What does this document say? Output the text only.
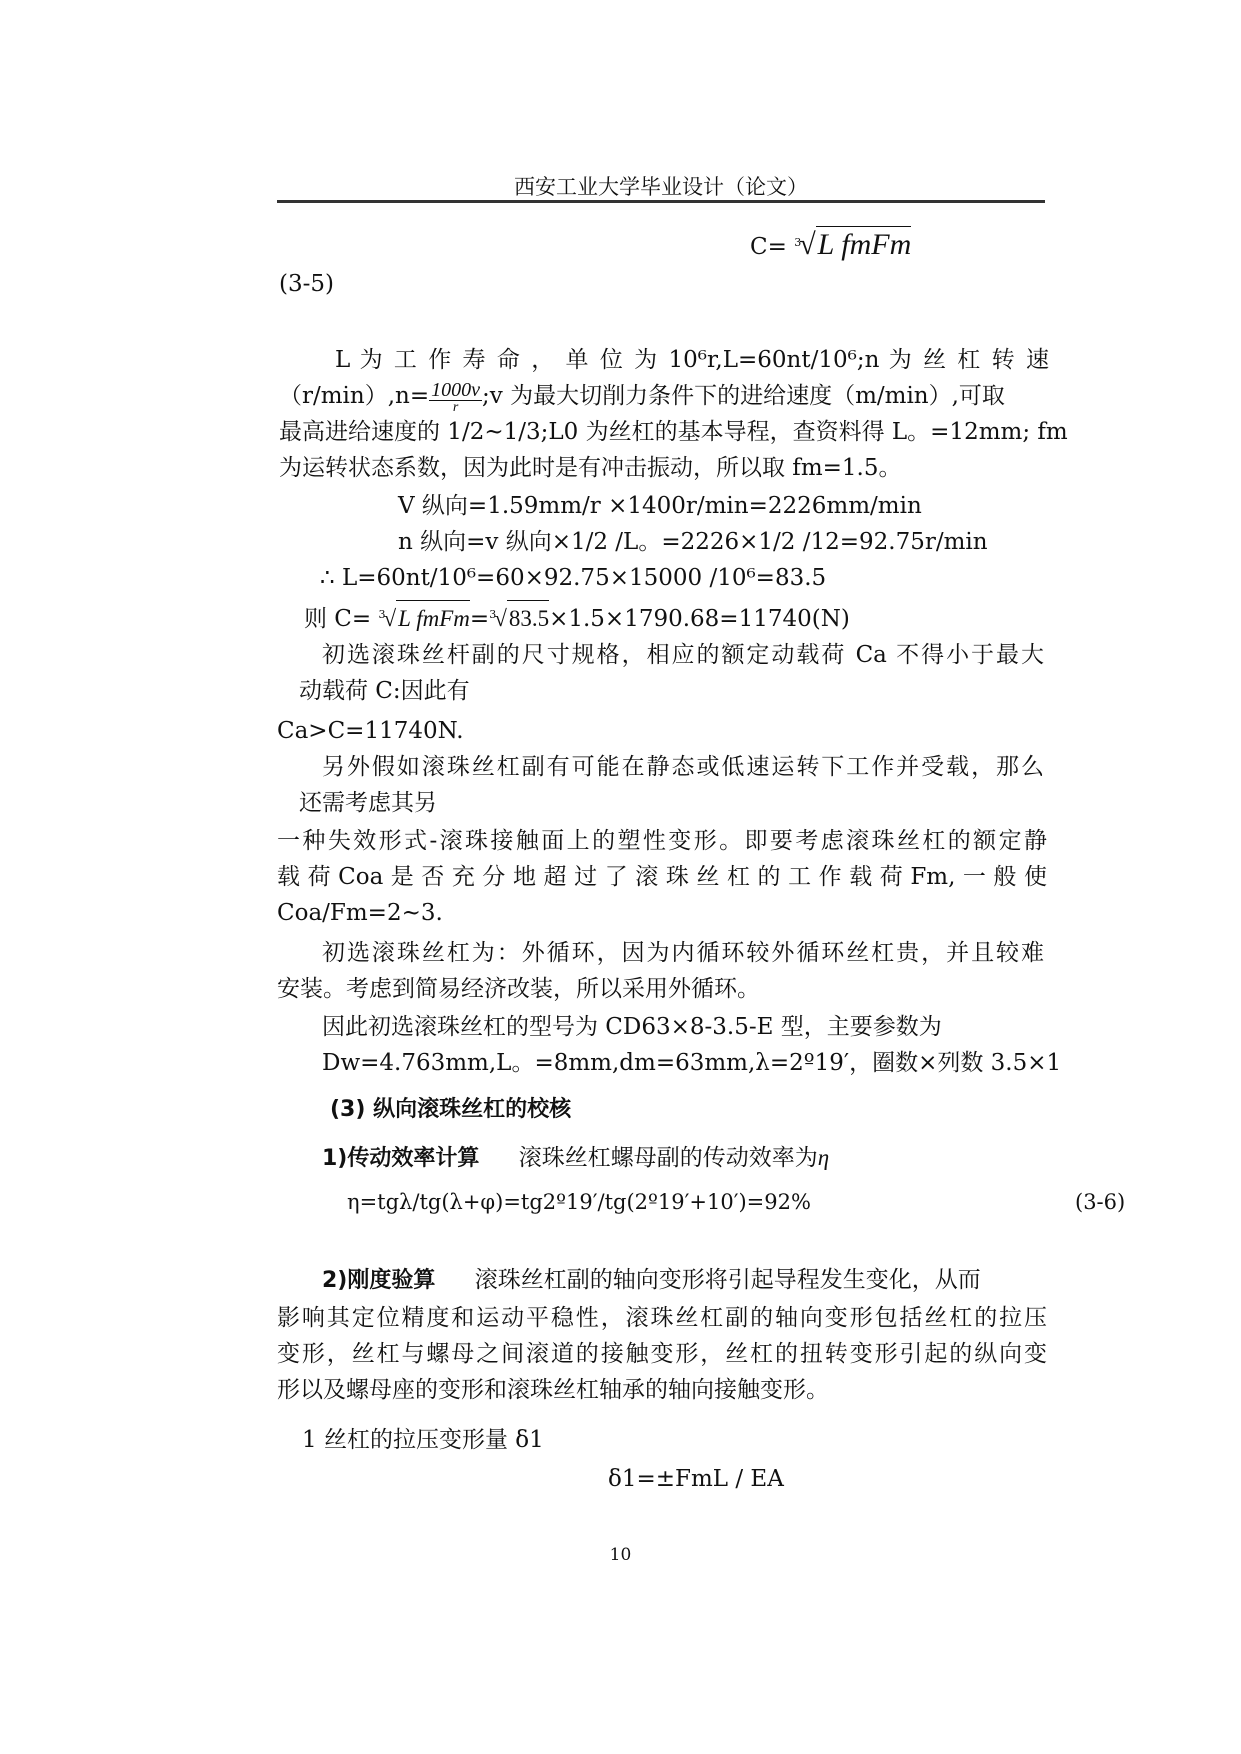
西安工业大学毕业设计（论文）
C= $^3$√L fmFm
(3-5)
L 为 工 作 寿 命 ， 单 位 为 10⁶r,L=60nt/10⁶;n 为 丝 杠 转 速
$(r/\min),n= \frac{1000v}{r}$ ;v 为最大切削力条件下的进给速度（m/min）,可取
最高进给速度的 1/2~1/3;L0 为丝杠的基本导程，查资料得 L。=12mm; fm
为运转状态系数，因为此时是有冲击振动，所以取 fm=1.5。
V 纵向=1.59mm/r ×1400r/min=2226mm/min
n 纵向=v 纵向×1/2 /L。=2226×1/2 /12=92.75r/min
∴ L=60nt/10⁶=60×92.75×15000 /10⁶=83.5
则 C= $^3$√L fmFm=$^3$√83.5×1.5×1790.68=11740(N)
初选滚珠丝杆副的尺寸规格，相应的额定动载荷 Ca 不得小于最大
动载荷 C:因此有
Ca>C=11740N.
另外假如滚珠丝杠副有可能在静态或低速运转下工作并受载，那么
还需考虑其另
一种失效形式-滚珠接触面上的塑性变形。即要考虑滚珠丝杠的额定静
载 荷 Coa 是 否 充 分 地 超 过 了 滚 珠 丝 杠 的 工 作 载 荷 Fm, 一 般 使
Coa/Fm=2~3.
初选滚珠丝杠为：外循环，因为内循环较外循环丝杠贵，并且较难
安装。考虑到简易经济改装，所以采用外循环。
因此初选滚珠丝杠的型号为 CD63×8-3.5-E 型，主要参数为
Dw=4.763mm,L。=8mm,dm=63mm,λ=2º19′，圈数×列数 3.5×1
(3) 纵向滚珠丝杠的校核
1)传动效率计算 滚珠丝杠螺母副的传动效率为η
η=tgλ/tg(λ+φ)=tg2º19′/tg(2º19′+10′)=92%	(3-6)
2)刚度验算 滚珠丝杠副的轴向变形将引起导程发生变化，从而
影响其定位精度和运动平稳性，滚珠丝杠副的轴向变形包括丝杠的拉压
变形，丝杠与螺母之间滚道的接触变形，丝杠的扭转变形引起的纵向变
形以及螺母座的变形和滚珠丝杠轴承的轴向接触变形。
1 丝杠的拉压变形量 δ1
δ1=±FmL / EA
10
